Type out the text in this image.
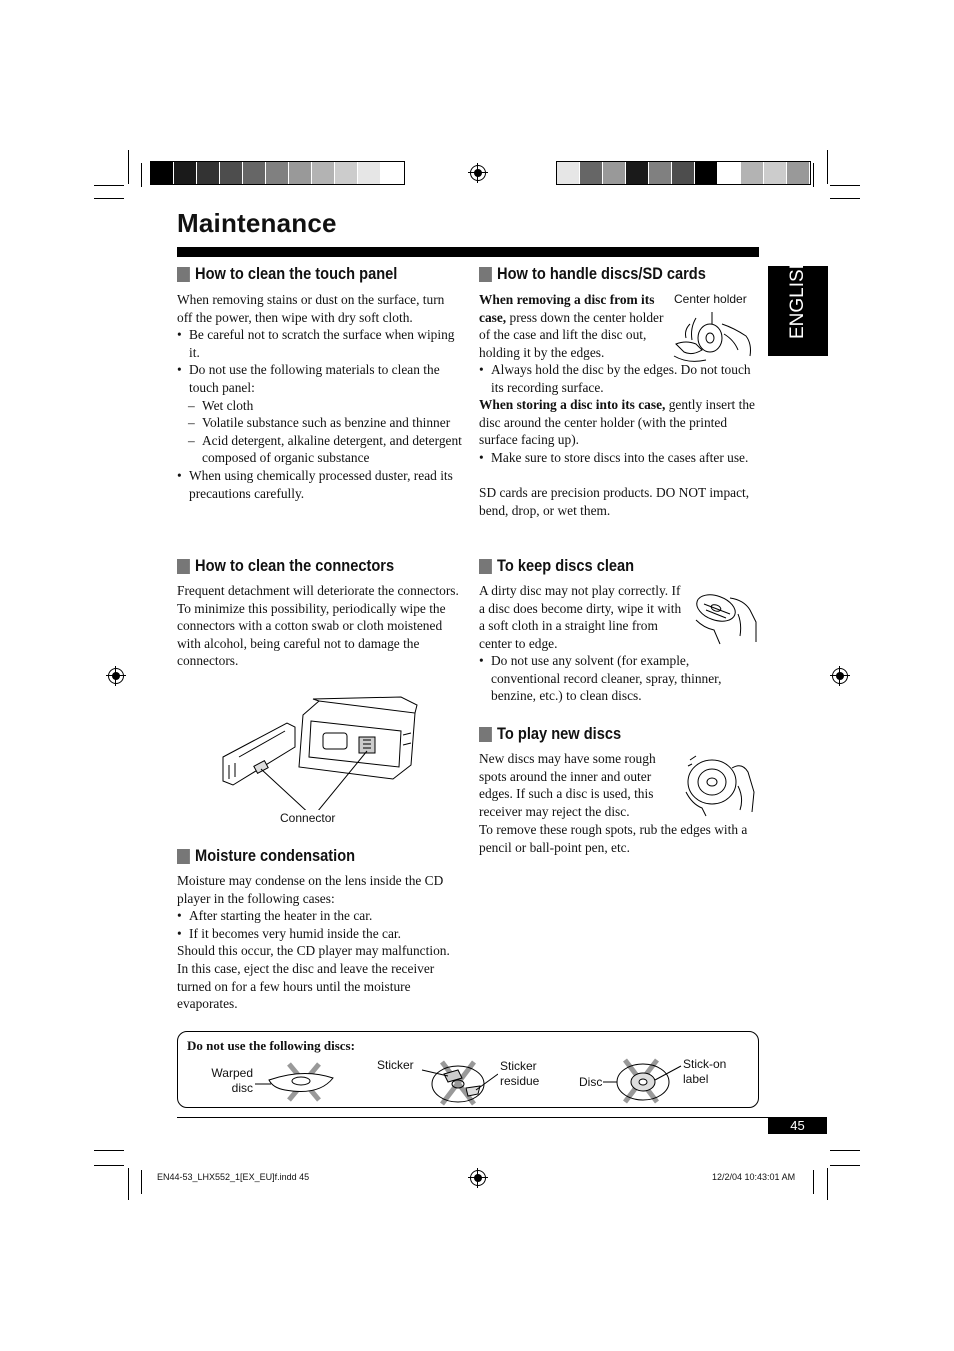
Maintenance
ENGLISH
How to clean the touch panel

When removing stains or dust on the surface, turn off the power, then wipe with dry soft cloth.

• Be careful not to scratch the surface when wiping it.

• Do not use the following materials to clean the touch panel:

– Wet cloth

– Volatile substance such as benzine and thinner

– Acid detergent, alkaline detergent, and detergent composed of organic substance

• When using chemically processed duster, read its precautions carefully.

How to clean the connectors

Frequent detachment will deteriorate the connectors.

To minimize this possibility, periodically wipe the connectors with a cotton swab or cloth moistened with alcohol, being careful not to damage the connectors.

Connector
Moisture condensation

Moisture may condense on the lens inside the CD player in the following cases:

• After starting the heater in the car.

• If it becomes very humid inside the car.

Should this occur, the CD player may malfunction. In this case, eject the disc and leave the receiver turned on for a few hours until the moisture evaporates.

How to handle discs/SD cards

When removing a disc from its case, press down the center holder of the case and lift the disc out, holding it by the edges.

Center holder

• Always hold the disc by the edges. Do not touch its recording surface.

When storing a disc into its case, gently insert the disc around the center holder (with the printed surface facing up).

• Make sure to store discs into the cases after use.

SD cards are precision products. DO NOT impact, bend, drop, or wet them.

To keep discs clean

A dirty disc may not play correctly. If a disc does become dirty, wipe it with a soft cloth in a straight line from center to edge.

• Do not use any solvent (for example, conventional record cleaner, spray, thinner, benzine, etc.) to clean discs.

To play new discs

New discs may have some rough spots around the inner and outer edges. If such a disc is used, this receiver may reject the disc.

To remove these rough spots, rub the edges with a pencil or ball-point pen, etc.

Do not use the following discs:
Warped
disc
Sticker	Sticker
residue	Disc
Stick-on
label
45
EN44-53_LHX552_1[EX_EU]f.indd 45	12/2/04 10:43:01 AM
